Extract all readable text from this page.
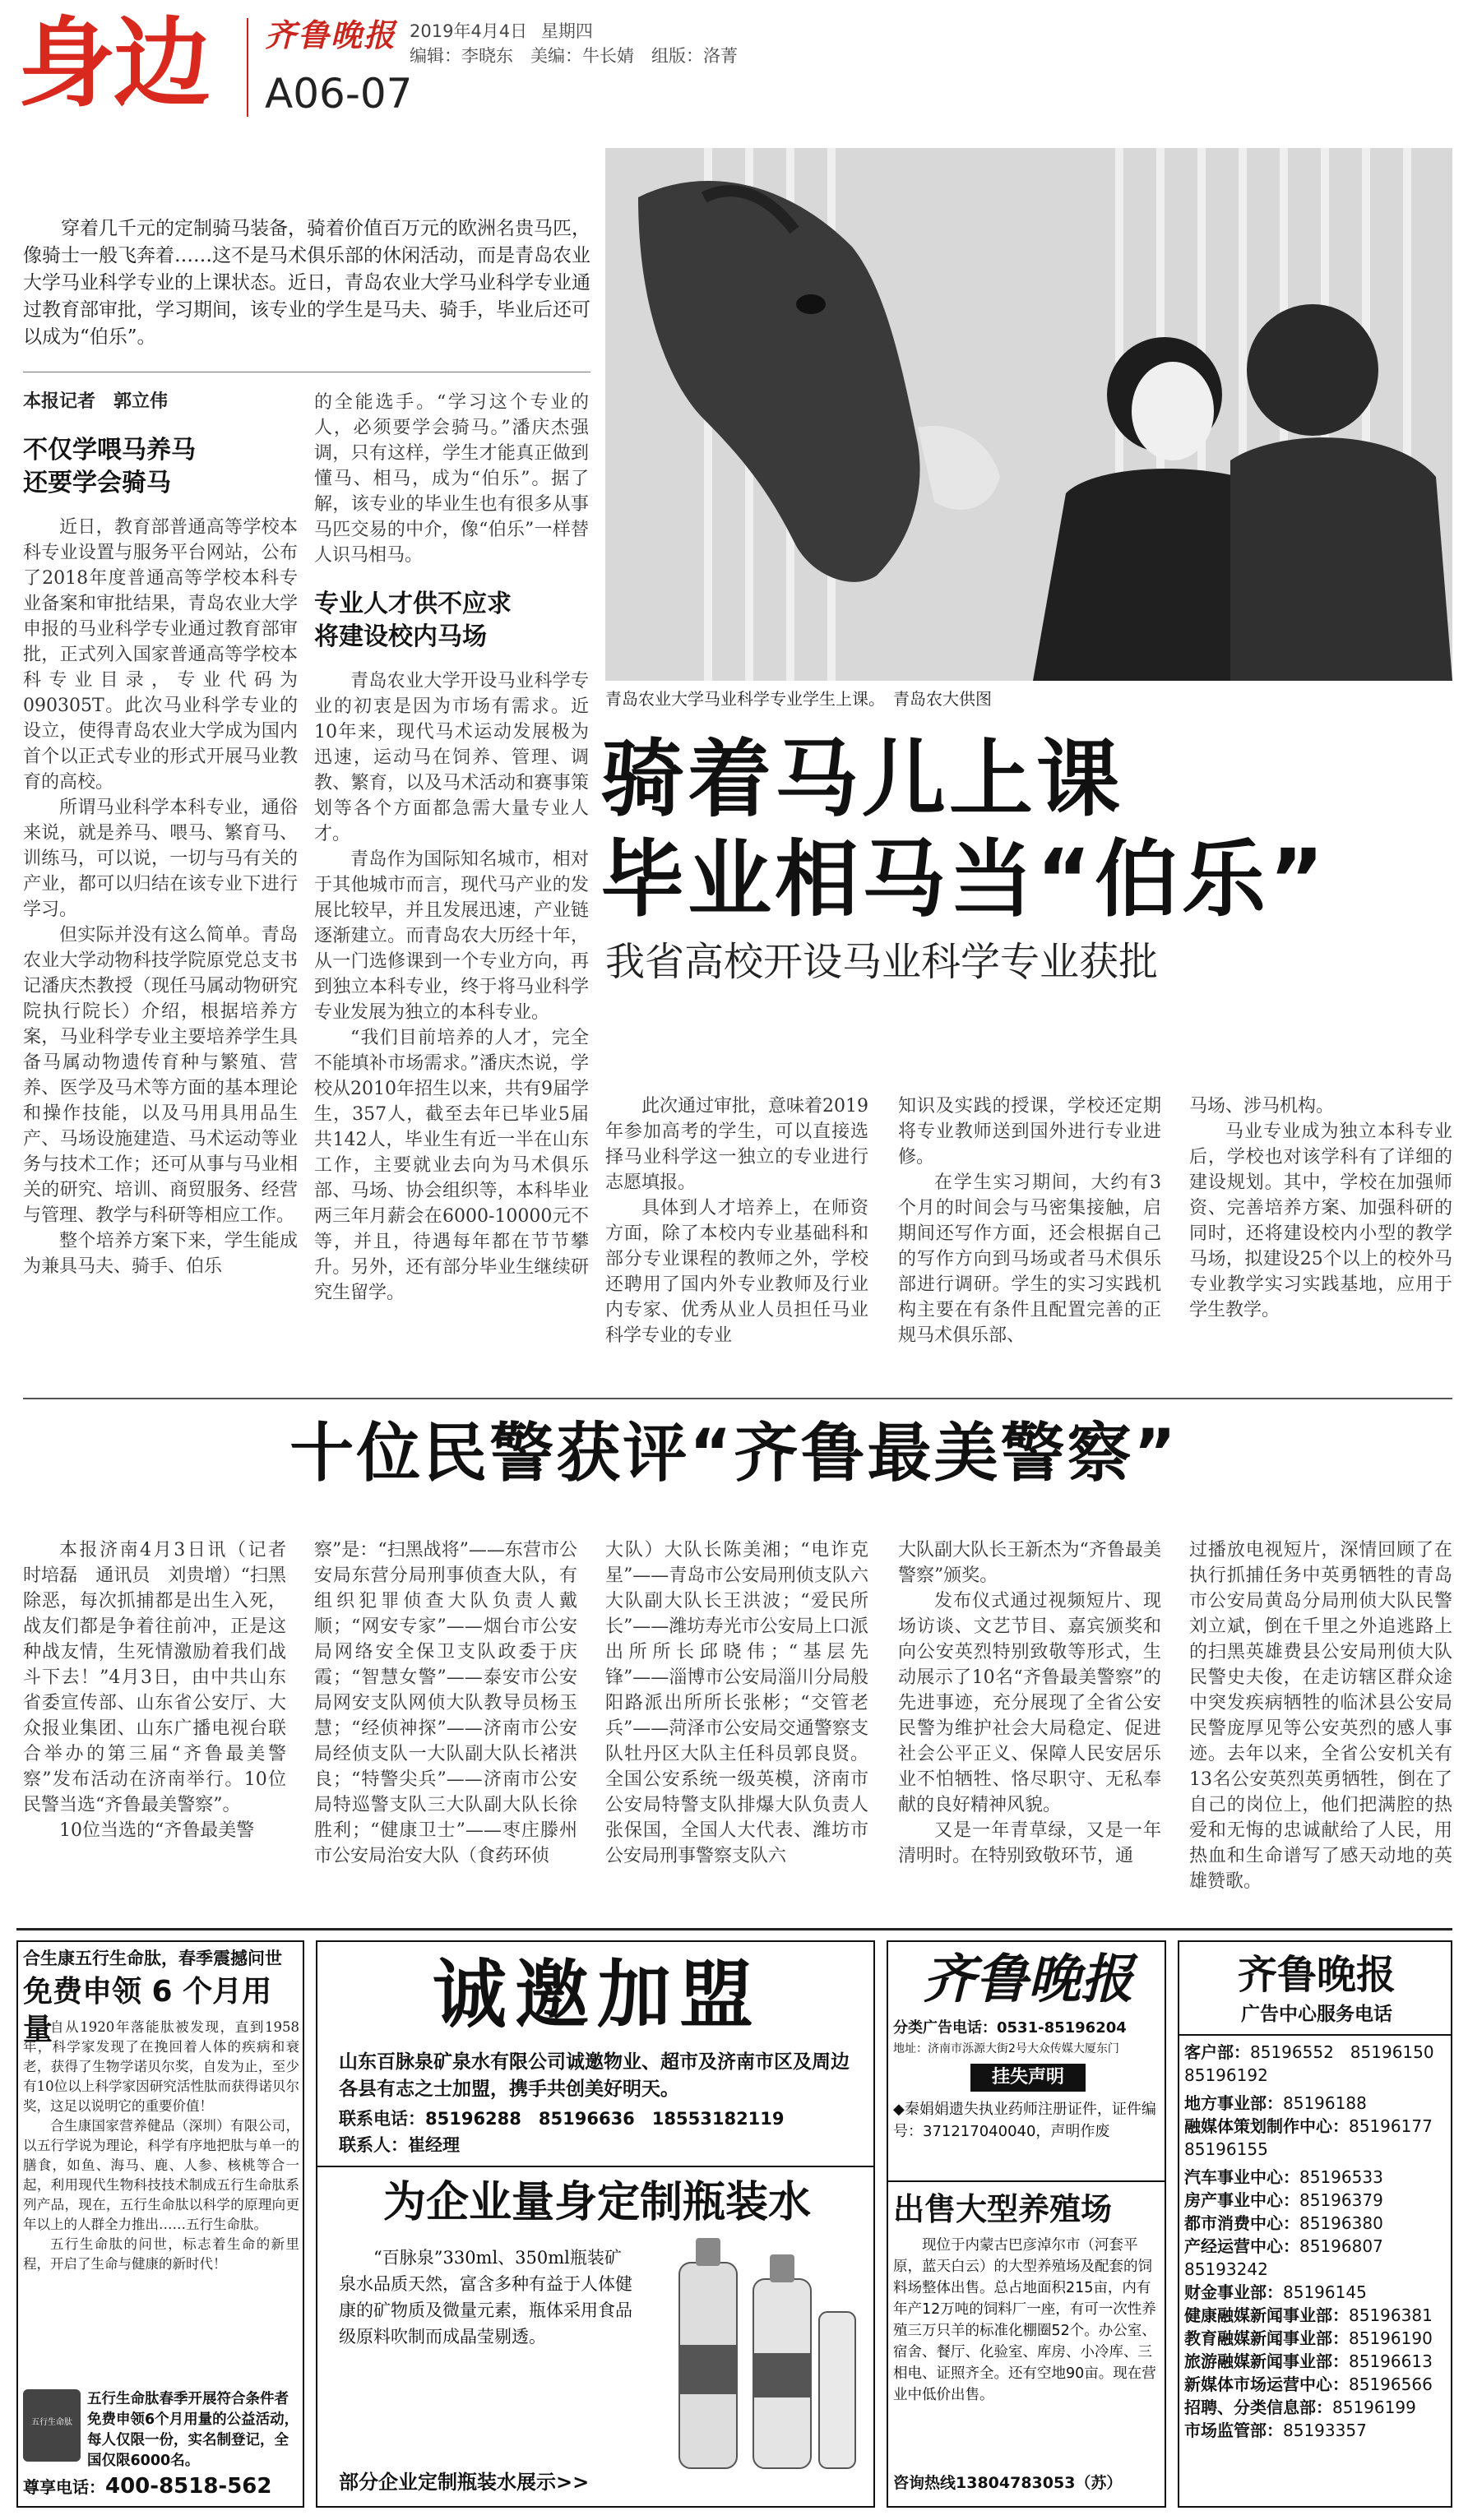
身边 齐鲁晚报 2019年4月4日 星期四
编辑：李晓东　美编：牛长婧　组版：洛菁
A06-07

穿着几千元的定制骑马装备，骑着价值百万元的欧洲名贵马匹，像骑士一般飞奔着……这不是马术俱乐部的休闲活动，而是青岛农业大学马业科学专业的上课状态。近日，青岛农业大学马业科学专业通过教育部审批，学习期间，该专业的学生是马夫、骑手，毕业后还可以成为“伯乐”。

本报记者　郭立伟
不仅学喂马养马
还要学会骑马

近日，教育部普通高等学校本科专业设置与服务平台网站，公布了2018年度普通高等学校本科专业备案和审批结果，青岛农业大学申报的马业科学专业通过教育部审批，正式列入国家普通高等学校本科专业目录，专业代码为090305T。此次马业科学专业的设立，使得青岛农业大学成为国内首个以正式专业的形式开展马业教育的高校。

所谓马业科学本科专业，通俗来说，就是养马、喂马、繁育马、训练马，可以说，一切与马有关的产业，都可以归结在该专业下进行学习。

但实际并没有这么简单。青岛农业大学动物科技学院原党总支书记潘庆杰教授（现任马属动物研究院执行院长）介绍，根据培养方案，马业科学专业主要培养学生具备马属动物遗传育种与繁殖、营养、医学及马术等方面的基本理论和操作技能，以及马用具用品生产、马场设施建造、马术运动等业务与技术工作；还可从事与马业相关的研究、培训、商贸服务、经营与管理、教学与科研等相应工作。

整个培养方案下来，学生能成为兼具马夫、骑手、伯乐

的全能选手。“学习这个专业的人，必须要学会骑马。”潘庆杰强调，只有这样，学生才能真正做到懂马、相马，成为“伯乐”。据了解，该专业的毕业生也有很多从事马匹交易的中介，像“伯乐”一样替人识马相马。

专业人才供不应求
将建设校内马场

青岛农业大学开设马业科学专业的初衷是因为市场有需求。近10年来，现代马术运动发展极为迅速，运动马在饲养、管理、调教、繁育，以及马术活动和赛事策划等各个方面都急需大量专业人才。

青岛作为国际知名城市，相对于其他城市而言，现代马产业的发展比较早，并且发展迅速，产业链逐渐建立。而青岛农大历经十年，从一门选修课到一个专业方向，再到独立本科专业，终于将马业科学专业发展为独立的本科专业。

“我们目前培养的人才，完全不能填补市场需求。”潘庆杰说，学校从2010年招生以来，共有9届学生，357人，截至去年已毕业5届共142人，毕业生有近一半在山东工作，主要就业去向为马术俱乐部、马场、协会组织等，本科毕业两三年月薪会在6000-10000元不等，并且，待遇每年都在节节攀升。另外，还有部分毕业生继续研究生留学。

青岛农业大学马业科学专业学生上课。　青岛农大供图
骑着马儿上课
毕业相马当“伯乐”
我省高校开设马业科学专业获批

此次通过审批，意味着2019年参加高考的学生，可以直接选择马业科学这一独立的专业进行志愿填报。

具体到人才培养上，在师资方面，除了本校内专业基础科和部分专业课程的教师之外，学校还聘用了国内外专业教师及行业内专家、优秀从业人员担任马业科学专业的专业

知识及实践的授课，学校还定期将专业教师送到国外进行专业进修。

在学生实习期间，大约有3个月的时间会与马密集接触，启期间还写作方面，还会根据自己的写作方向到马场或者马术俱乐部进行调研。学生的实习实践机构主要在有条件且配置完善的正规马术俱乐部、

马场、涉马机构。

马业专业成为独立本科专业后，学校也对该学科有了详细的建设规划。其中，学校在加强师资、完善培养方案、加强科研的同时，还将建设校内小型的教学马场，拟建设25个以上的校外马专业教学实习实践基地，应用于学生教学。

十位民警获评“齐鲁最美警察”

本报济南4月3日讯（记者　时培磊　通讯员　刘贵增）“扫黑除恶，每次抓捕都是出生入死，战友们都是争着往前冲，正是这种战友情，生死情激励着我们战斗下去！”4月3日，由中共山东省委宣传部、山东省公安厅、大众报业集团、山东广播电视台联合举办的第三届“齐鲁最美警察”发布活动在济南举行。10位民警当选“齐鲁最美警察”。

10位当选的“齐鲁最美警

察”是：“扫黑战将”——东营市公安局东营分局刑事侦查大队，有组织犯罪侦查大队负责人戴顺；“网安专家”——烟台市公安局网络安全保卫支队政委于庆霞；“智慧女警”——泰安市公安局网安支队网侦大队教导员杨玉慧；“经侦神探”——济南市公安局经侦支队一大队副大队长褚洪良；“特警尖兵”——济南市公安局特巡警支队三大队副大队长徐胜利；“健康卫士”——枣庄滕州市公安局治安大队（食药环侦

大队）大队长陈美湘；“电诈克星”——青岛市公安局刑侦支队六大队副大队长王洪波；“爱民所长”——潍坊寿光市公安局上口派出所所长邱晓伟；“基层先锋”——淄博市公安局淄川分局般阳路派出所所长张彬；“交管老兵”——菏泽市公安局交通警察支队牡丹区大队主任科员郭良贤。全国公安系统一级英模，济南市公安局特警支队排爆大队负责人张保国，全国人大代表、潍坊市公安局刑事警察支队六

大队副大队长王新杰为“齐鲁最美警察”颁奖。

发布仪式通过视频短片、现场访谈、文艺节目、嘉宾颁奖和向公安英烈特别致敬等形式，生动展示了10名“齐鲁最美警察”的先进事迹，充分展现了全省公安民警为维护社会大局稳定、促进社会公平正义、保障人民安居乐业不怕牺牲、恪尽职守、无私奉献的良好精神风貌。

又是一年青草绿，又是一年清明时。在特别致敬环节，通

过播放电视短片，深情回顾了在执行抓捕任务中英勇牺牲的青岛市公安局黄岛分局刑侦大队民警刘立斌，倒在千里之外追逃路上的扫黑英雄费县公安局刑侦大队民警史夫俊，在走访辖区群众途中突发疾病牺牲的临沭县公安局民警庞厚见等公安英烈的感人事迹。去年以来，全省公安机关有13名公安英烈英勇牺牲，倒在了自己的岗位上，他们把满腔的热爱和无悔的忠诚献给了人民，用热血和生命谱写了感天动地的英雄赞歌。

合生康五行生命肽，春季震撼问世
免费申领 6 个月用量
自从1920年落能肽被发现，直到1958年，科学家发现了在挽回着人体的疾病和衰老，获得了生物学诺贝尔奖，自发为止，至少有10位以上科学家因研究活性肽而获得诺贝尔奖，这足以说明它的重要价值！
合生康国家营养健品（深圳）有限公司，以五行学说为理论，科学有序地把肽与单一的膳食，如鱼、海马、鹿、人参、核桃等合一起，利用现代生物科技技术制成五行生命肽系列产品，现在，五行生命肽以科学的原理向更年以上的人群全力推出……五行生命肽。
五行生命肽的问世，标志着生命的新里程，开启了生命与健康的新时代！
五行生命肽
五行生命肽春季开展符合条件者免费申领6个月用量的公益活动，每人仅限一份，实名制登记，全国仅限6000名。
尊享电话：400-8518-562
诚邀加盟
山东百脉泉矿泉水有限公司诚邀物业、超市及济南市区及周边各县有志之士加盟，携手共创美好明天。
联系电话：85196288　85196636　18553182119
联系人：崔经理
为企业量身定制瓶装水
“百脉泉”330ml、350ml瓶装矿泉水品质天然，富含多种有益于人体健康的矿物质及微量元素，瓶体采用食品级原料吹制而成晶莹剔透。
部分企业定制瓶装水展示>>
齐鲁晚报
分类广告电话：0531-85196204
地址：济南市泺源大街2号大众传媒大厦东门
挂失声明
◆秦娟娟遗失执业药师注册证件，证件编号：371217040040，声明作废
出售大型养殖场
现位于内蒙古巴彦淖尔市（河套平原，蓝天白云）的大型养殖场及配套的饲料场整体出售。总占地面积215亩，内有年产12万吨的饲料厂一座，有可一次性养殖三万只羊的标准化棚圈52个。办公室、宿舍、餐厅、化验室、库房、小冷库、三相电、证照齐全。还有空地90亩。现在营业中低价出售。
咨询热线13804783053（苏）
齐鲁晚报
广告中心服务电话
客户部：85196552　85196150　85196192
地方事业部：85196188
融媒体策划制作中心：85196177　85196155
汽车事业中心：85196533
房产事业中心：85196379
都市消费中心：85196380
产经运营中心：85196807　85193242
财金事业部：85196145
健康融媒新闻事业部：85196381
教育融媒新闻事业部：85196190
旅游融媒新闻事业部：85196613
新媒体市场运营中心：85196566
招聘、分类信息部：85196199
市场监管部：85193357
